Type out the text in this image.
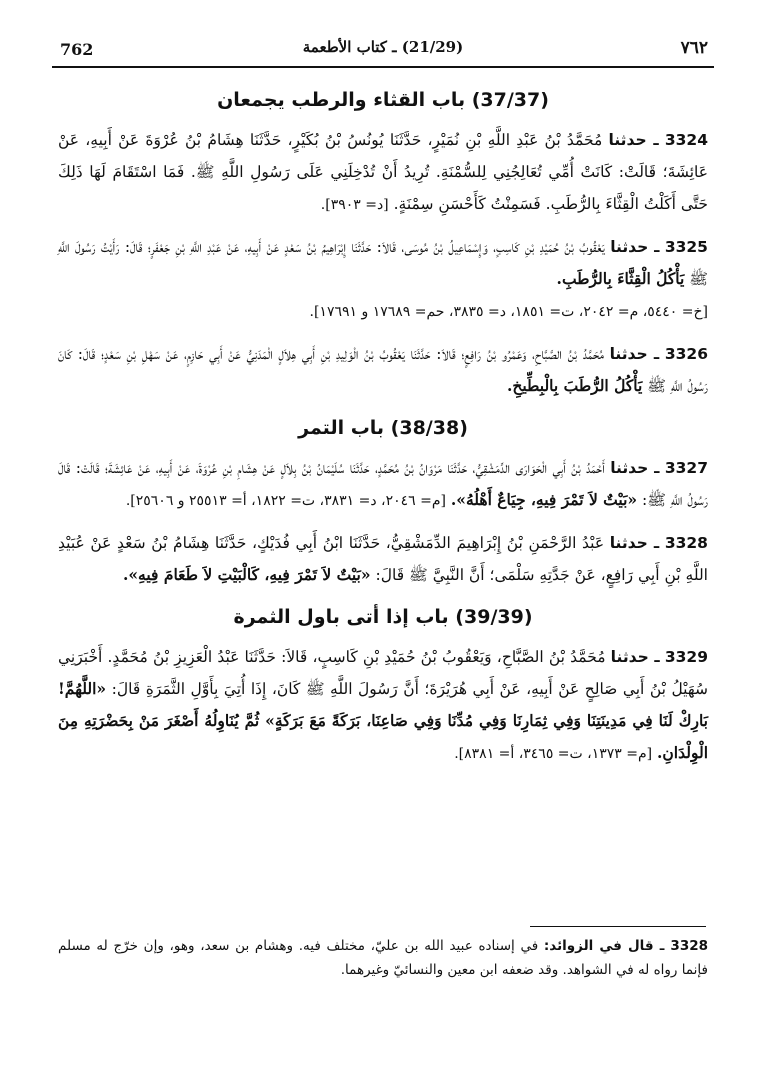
762	(21/29) ـ كتاب الأطعمة	٧٦٢
(37/37) باب القثاء والرطب يجمعان

3324 ـ حدثنا مُحَمَّدُ بْنُ عَبْدِ اللَّهِ بْنِ نُمَيْرٍ، حَدَّثَنَا يُونُسُ بْنُ بُكَيْرٍ، حَدَّثَنَا هِشَامُ بْنُ عُرْوَةَ عَنْ أَبِيهِ، عَنْ عَائِشَةَ؛ قَالَتْ: كَانَتْ أُمِّي تُعَالِجُنِي لِلسُّمْنَةِ. تُرِيدُ أَنْ تُدْخِلَنِي عَلَى رَسُولِ اللَّهِ ﷺ. فَمَا اسْتَقَامَ لَهَا ذَلِكَ حَتَّى أَكَلْتُ الْقِثَّاءَ بِالرُّطَبِ. فَسَمِنْتُ كَأَحْسَنِ سِمْنَةٍ. [د= ٣٩٠٣].

3325 ـ حدثنا يَعْقُوبُ بْنُ حُمَيْدِ بْنِ كَاسِبٍ، وَإِسْمَاعِيلُ بْنُ مُوسَى، قَالاَ: حَدَّثَنَا إِبْرَاهِيمُ بْنُ سَعْدٍ عَنْ أَبِيهِ، عَنْ عَبْدِ اللَّهِ بْنِ جَعْفَرٍ؛ قَالَ: رَأَيْتُ رَسُولَ اللَّهِ ﷺ يَأْكُلُ الْقِثَّاءَ بِالرُّطَبِ.
[خ= ٥٤٤٠، م= ٢٠٤٢، ت= ١٨٥١، د= ٣٨٣٥، حم= ١٧٦٨٩ و ١٧٦٩١].

3326 ـ حدثنا مُحَمَّدُ بْنُ الصَّبَّاحِ، وَعَمْرُو بْنُ رَافِعٍ؛ قَالاَ: حَدَّثَنَا يَعْقُوبُ بْنُ الْوَلِيدِ بْنِ أَبِي هِلاَلٍ الْمَدَنِيُّ عَنْ أَبِي حَازِمٍ، عَنْ سَهْلِ بْنِ سَعْدٍ؛ قَالَ: كَانَ رَسُولُ اللَّهِ ﷺ يَأْكُلُ الرُّطَبَ بِالْبِطِّيخِ.

(38/38) باب التمر

3327 ـ حدثنا أَحْمَدُ بْنُ أَبِي الْحَوَارَى الدِّمَشْقِيُّ، حَدَّثَنَا مَرْوَانُ بْنُ مُحَمَّدٍ، حَدَّثَنَا سُلَيْمَانُ بْنُ بِلاَلٍ عَنْ هِشَامِ بْنِ عُرْوَةَ، عَنْ أَبِيهِ، عَنْ عَائِشَةَ؛ قَالَتْ: قَالَ رَسُولُ اللَّهِ ﷺ: «بَيْتٌ لاَ تَمْرَ فِيهِ، جِيَاعٌ أَهْلُهُ». [م= ٢٠٤٦، د= ٣٨٣١، ت= ١٨٢٢، أ= ٢٥٥١٣ و ٢٥٦٠٦].

3328 ـ حدثنا عَبْدُ الرَّحْمَنِ بْنُ إِبْرَاهِيمَ الدِّمَشْقِيُّ، حَدَّثَنَا ابْنُ أَبِي فُدَيْكٍ، حَدَّثَنَا هِشَامُ بْنُ سَعْدٍ عَنْ عُبَيْدِ اللَّهِ بْنِ أَبِي رَافِعٍ، عَنْ جَدَّتِهِ سَلْمَى؛ أَنَّ النَّبِيَّ ﷺ قَالَ: «بَيْتٌ لاَ تَمْرَ فِيهِ، كَالْبَيْتِ لاَ طَعَامَ فِيهِ».

(39/39) باب إذا أتى باول الثمرة

3329 ـ حدثنا مُحَمَّدُ بْنُ الصَّبَّاحِ، وَيَعْقُوبُ بْنُ حُمَيْدِ بْنِ كَاسِبٍ، قَالاَ: حَدَّثَنَا عَبْدُ الْعَزِيزِ بْنُ مُحَمَّدٍ. أَخْبَرَنِي سُهَيْلُ بْنُ أَبِي صَالِحٍ عَنْ أَبِيهِ، عَنْ أَبِي هُرَيْرَةَ؛ أَنَّ رَسُولَ اللَّهِ ﷺ كَانَ، إِذَا أُتِيَ بِأَوَّلِ الثَّمَرَةِ قَالَ: «اللَّهُمَّ! بَارِكْ لَنَا فِي مَدِينَتِنَا وَفِي ثِمَارِنَا وَفِي مُدِّنَا وَفِي صَاعِنَا، بَرَكَةً مَعَ بَرَكَةٍ» ثُمَّ يُنَاوِلُهُ أَصْغَرَ مَنْ بِحَضْرَتِهِ مِنَ الْوِلْدَانِ. [م= ١٣٧٣، ت= ٣٤٦٥، أ= ٨٣٨١].

3328 ـ قال في الزوائد: في إسناده عبيد الله بن عليّ، مختلف فيه. وهشام بن سعد، وهو، وإن خرّج له مسلم فإنما رواه له في الشواهد. وقد ضعفه ابن معين والنسائيّ وغيرهما.
